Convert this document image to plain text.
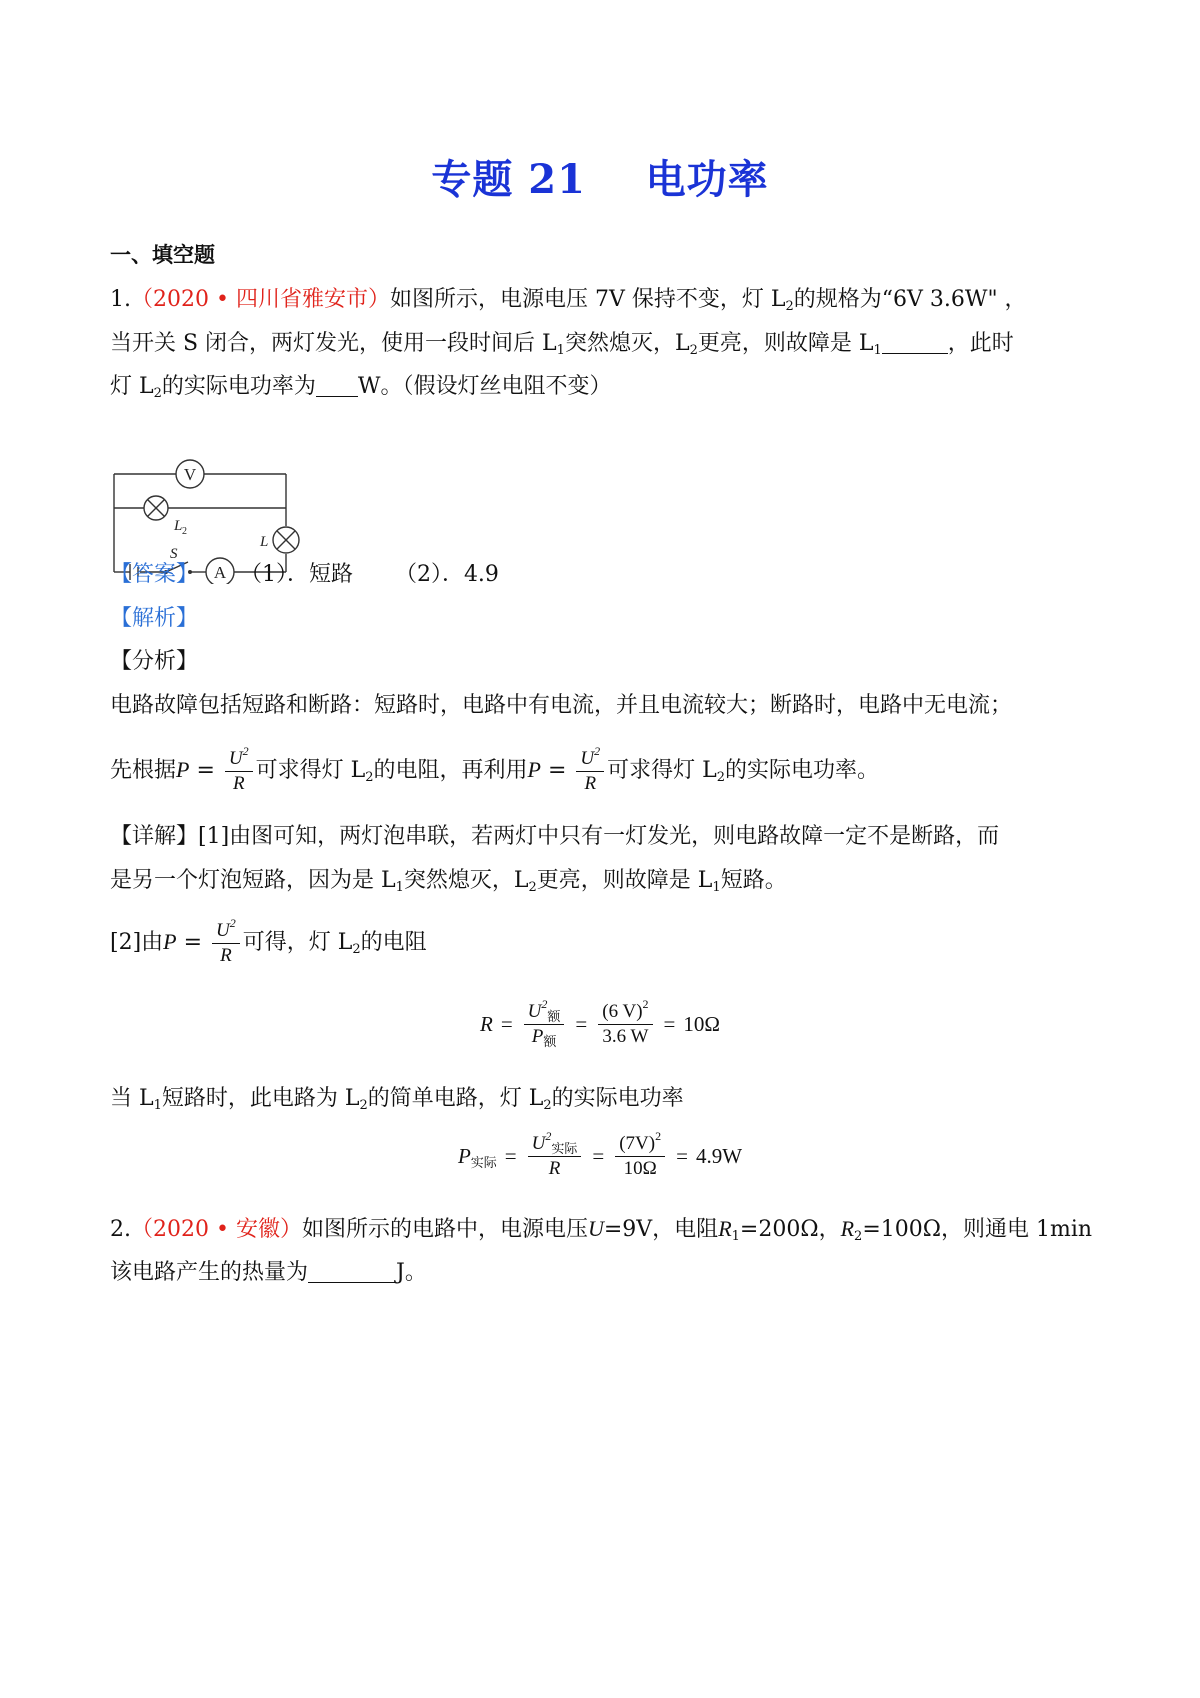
专题 21    电功率
一、填空题
1.（2020 • 四川省雅安市）如图所示，电源电压 7V 保持不变，灯 $L_2$的规格为“6V 3.6W" ，
当开关 S 闭合，两灯发光，使用一段时间后 $L_1$突然熄灭，$L_2$更亮，则故障是 $L_1$	，此时
灯 $L_2$的实际电功率为 W。（假设灯丝电阻不变）
V
L 2
L
S
A
【答案】 （1）．短路      （2）．4.9
【解析】
【分析】
电路故障包括短路和断路：短路时，电路中有电流，并且电流较大；断路时，电路中无电流；
先根据$P = \frac{U^2}{R}$ 可求得灯 $L_2$的电阻，再利用$P = \frac{U^2}{R}$ 可求得灯 $L_2$的实际电功率。
【详解】[1]由图可知，两灯泡串联，若两灯中只有一灯发光，则电路故障一定不是断路，而
是另一个灯泡短路，因为是 $L_1$突然熄灭，$L_2$更亮，则故障是 $L_1$短路。
[2]由$P = \frac{U^2}{R}$ 可得，灯 $L_2$的电阻
$R = \frac{U^2_额}{P_额} = \frac{(6 V)^2}{3.6 W} = 10\Omega$
当 $L_1$短路时，此电路为 $L_2$的简单电路，灯 $L_2$的实际电功率
$P_{实际} = \frac{U^2_{实际}}{R} = \frac{(7V)^2}{10\Omega} = 4.9W$
2.（2020 • 安徽）如图所示的电路中，电源电压U=9V，电阻$R_1=200\Omega$，$R_2=100\Omega$，则通电 1min
该电路产生的热量为	J。
